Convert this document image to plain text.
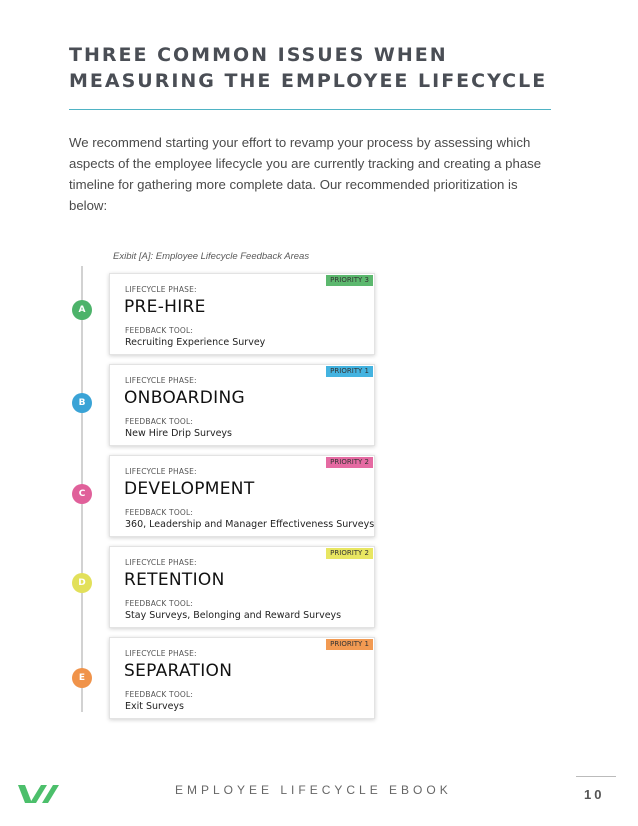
THREE COMMON ISSUES WHEN MEASURING THE EMPLOYEE LIFECYCLE

We recommend starting your effort to revamp your process by assessing which aspects of the employee lifecycle you are currently tracking and creating a phase timeline for gathering more complete data. Our recommended prioritization is below:

Exibit [A]: Employee Lifecycle Feedback Areas
A
PRIORITY 3
LIFECYCLE PHASE:
PRE-HIRE
FEEDBACK TOOL:
Recruiting Experience Survey
B
PRIORITY 1
LIFECYCLE PHASE:
ONBOARDING
FEEDBACK TOOL:
New Hire Drip Surveys
C
PRIORITY 2
LIFECYCLE PHASE:
DEVELOPMENT
FEEDBACK TOOL:
360, Leadership and Manager Effectiveness Surveys
D
PRIORITY 2
LIFECYCLE PHASE:
RETENTION
FEEDBACK TOOL:
Stay Surveys, Belonging and Reward Surveys
E
PRIORITY 1
LIFECYCLE PHASE:
SEPARATION
FEEDBACK TOOL:
Exit Surveys
EMPLOYEE LIFECYCLE EBOOK	10
